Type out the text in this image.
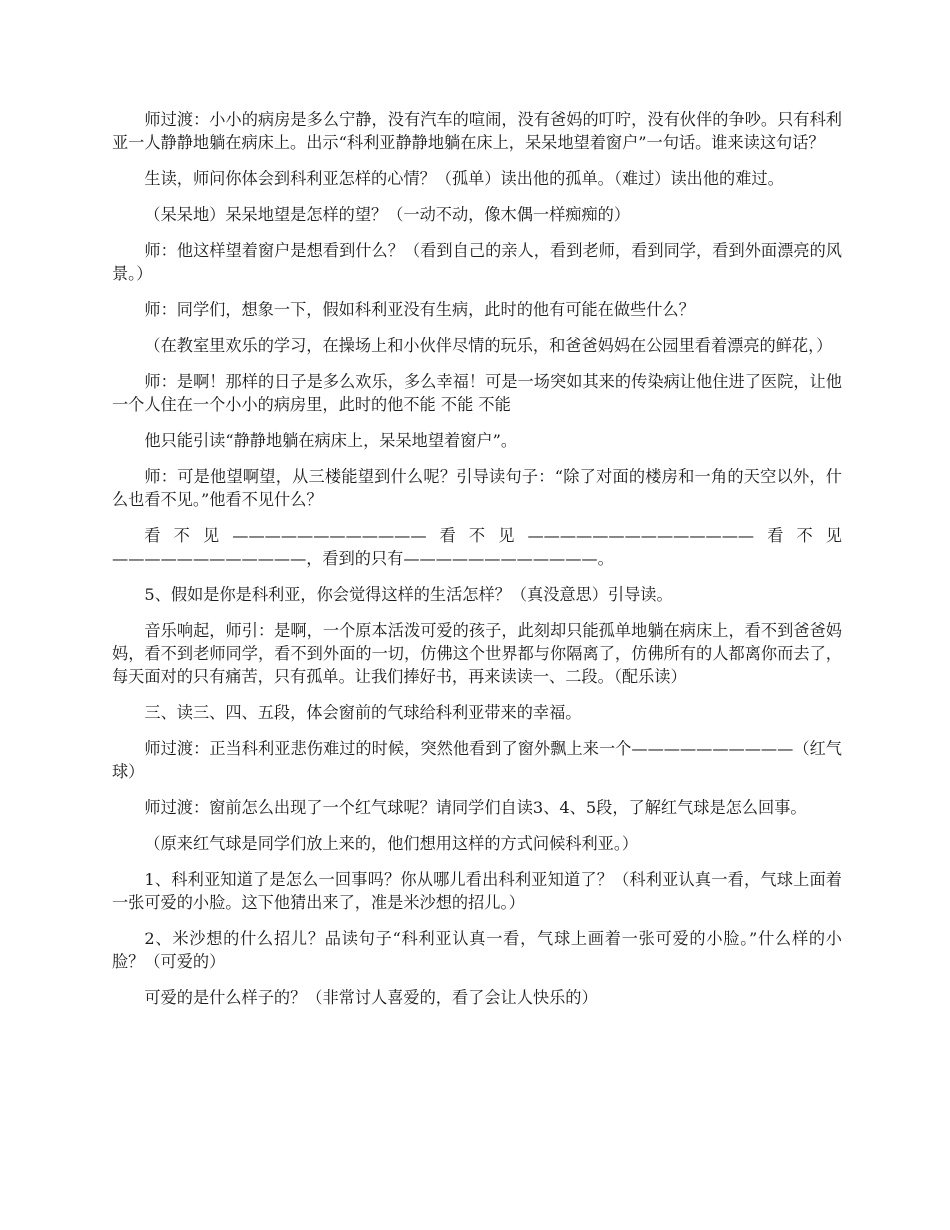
师过渡：小小的病房是多么宁静，没有汽车的喧闹，没有爸妈的叮咛，没有伙伴的争吵。只有科利亚一人静静地躺在病床上。出示“科利亚静静地躺在床上，呆呆地望着窗户”一句话。谁来读这句话？

生读，师问你体会到科利亚怎样的心情？（孤单）读出他的孤单。（难过）读出他的难过。

（呆呆地）呆呆地望是怎样的望？（一动不动，像木偶一样痴痴的）

师：他这样望着窗户是想看到什么？（看到自己的亲人，看到老师，看到同学，看到外面漂亮的风景。）

师：同学们，想象一下，假如科利亚没有生病，此时的他有可能在做些什么？

（在教室里欢乐的学习，在操场上和小伙伴尽情的玩乐，和爸爸妈妈在公园里看着漂亮的鲜花，）

师：是啊！那样的日子是多么欢乐，多么幸福！可是一场突如其来的传染病让他住进了医院，让他一个人住在一个小小的病房里，此时的他不能 不能 不能

他只能引读“静静地躺在病床上，呆呆地望着窗户”。

师：可是他望啊望，从三楼能望到什么呢？引导读句子：“除了对面的楼房和一角的天空以外，什么也看不见。”他看不见什么？

看不见————————————看不见——————————————看不见————————————，看到的只有————————————。

5、假如是你是科利亚，你会觉得这样的生活怎样？（真没意思）引导读。

音乐响起，师引：是啊，一个原本活泼可爱的孩子，此刻却只能孤单地躺在病床上，看不到爸爸妈妈，看不到老师同学，看不到外面的一切，仿佛这个世界都与你隔离了，仿佛所有的人都离你而去了，每天面对的只有痛苦，只有孤单。让我们捧好书，再来读读一、二段。（配乐读）

三、读三、四、五段，体会窗前的气球给科利亚带来的幸福。

师过渡：正当科利亚悲伤难过的时候，突然他看到了窗外飘上来一个——————————（红气球）

师过渡：窗前怎么出现了一个红气球呢？请同学们自读3、4、5段，了解红气球是怎么回事。

（原来红气球是同学们放上来的，他们想用这样的方式问候科利亚。）

1、科利亚知道了是怎么一回事吗？你从哪儿看出科利亚知道了？（科利亚认真一看，气球上面着一张可爱的小脸。这下他猜出来了，准是米沙想的招儿。）

2、米沙想的什么招儿？品读句子“科利亚认真一看，气球上画着一张可爱的小脸。”什么样的小脸？（可爱的）

可爱的是什么样子的？（非常讨人喜爱的，看了会让人快乐的）
